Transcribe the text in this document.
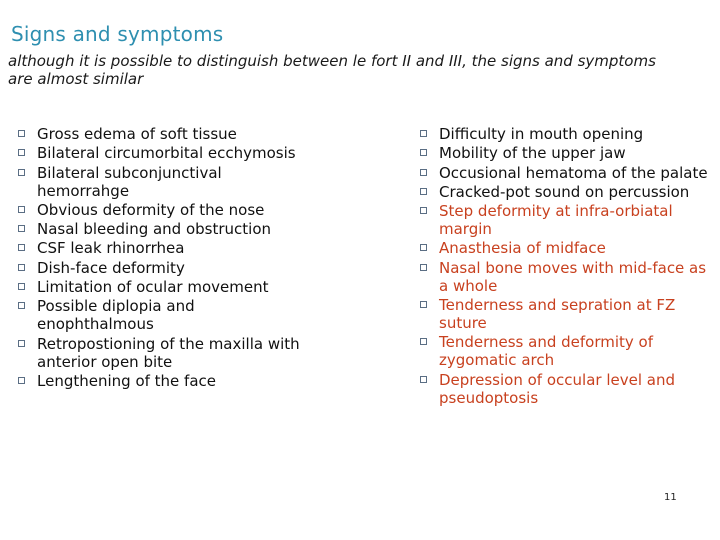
Signs and symptoms
although it is possible to distinguish between le fort II and III, the signs and symptoms are almost similar
Gross edema of soft tissue
Bilateral circumorbital ecchymosis
Bilateral subconjunctival hemorrahge
Obvious deformity of the nose
Nasal bleeding and obstruction
CSF leak rhinorrhea
Dish-face deformity
Limitation of ocular movement
Possible diplopia and enophthalmous
Retropostioning of the maxilla with anterior open bite
Lengthening of the face
Difficulty in mouth opening
Mobility of the upper jaw
Occusional hematoma of the palate
Cracked-pot sound on percussion
Step deformity at infra-orbiatal margin
Anasthesia of midface
Nasal bone moves with mid-face as a whole
Tenderness and sepration at FZ suture
Tenderness and deformity of zygomatic arch
Depression of occular level and pseudoptosis
11
